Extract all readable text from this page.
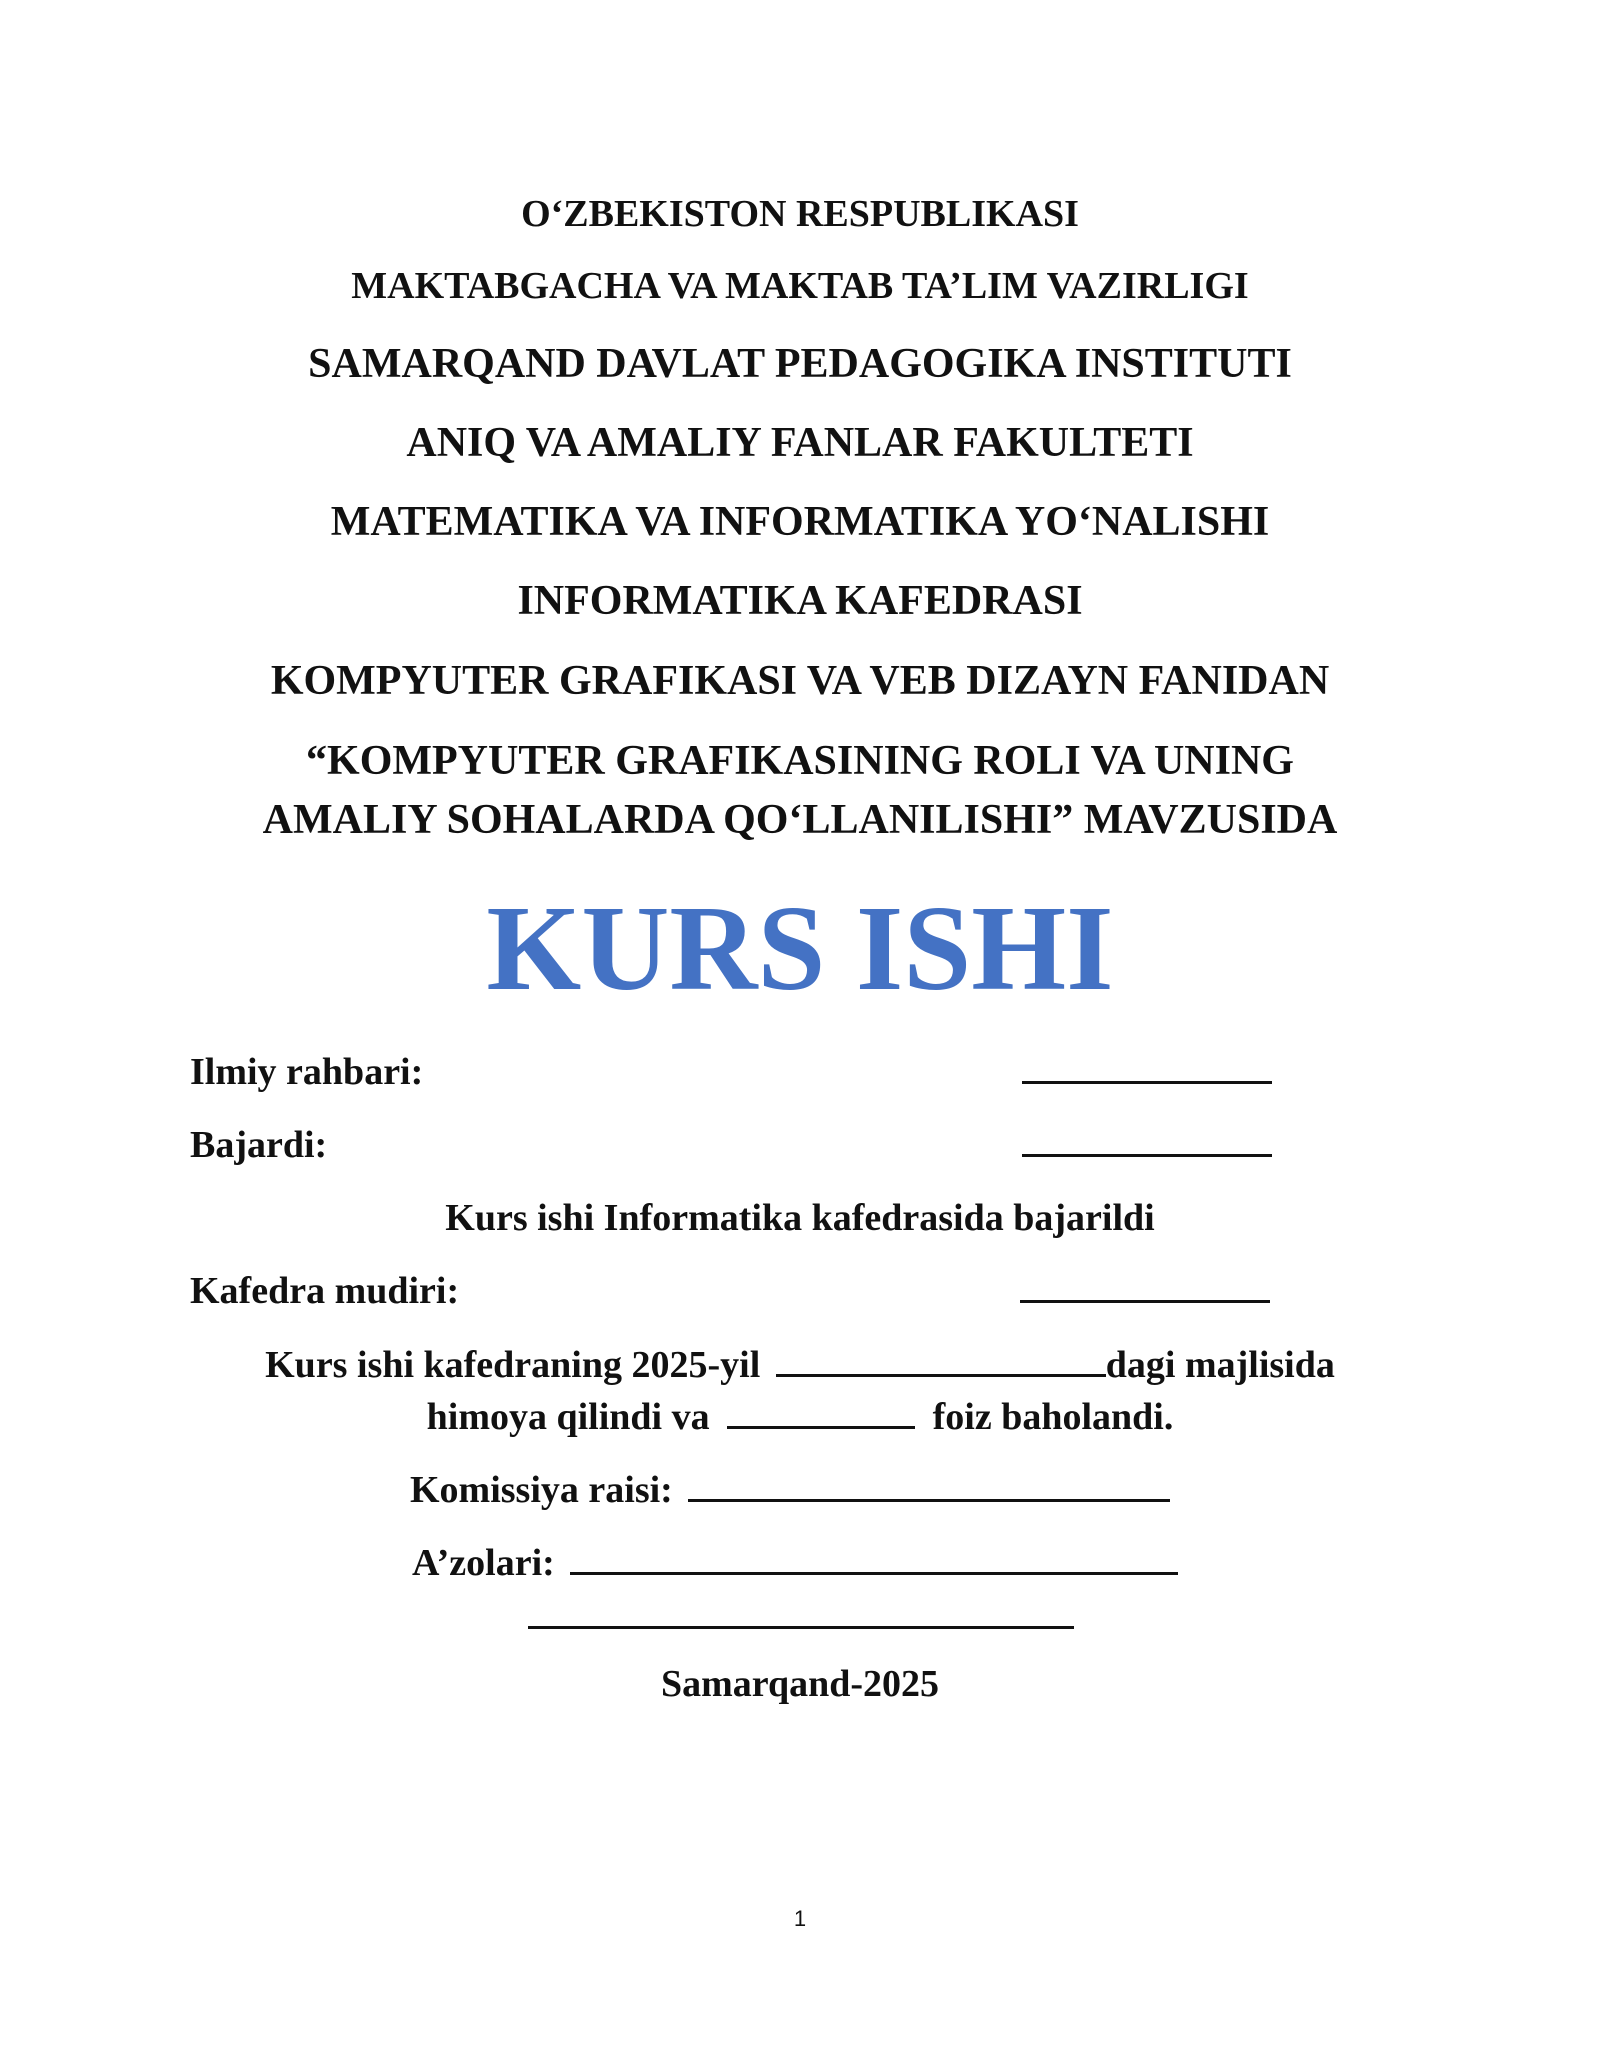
O‘ZBEKISTON RESPUBLIKASI
MAKTABGACHA VA MAKTAB TA’LIM VAZIRLIGI
SAMARQAND DAVLAT PEDAGOGIKA INSTITUTI
ANIQ VA AMALIY FANLAR FAKULTETI
MATEMATIKA VA INFORMATIKA YO‘NALISHI
INFORMATIKA KAFEDRASI
KOMPYUTER GRAFIKASI VA VEB DIZAYN FANIDAN
“KOMPYUTER GRAFIKASINING ROLI VA UNING
AMALIY SOHALARDA QO‘LLANILISHI” MAVZUSIDA
KURS ISHI
Ilmiy rahbari:
Bajardi:
Kurs ishi Informatika kafedrasida bajarildi
Kafedra mudiri:
Kurs ishi kafedraning 2025-yil	dagi majlisida
himoya qilindi va	foiz baholandi.
Komissiya raisi:
A’zolari:
Samarqand-2025
1
